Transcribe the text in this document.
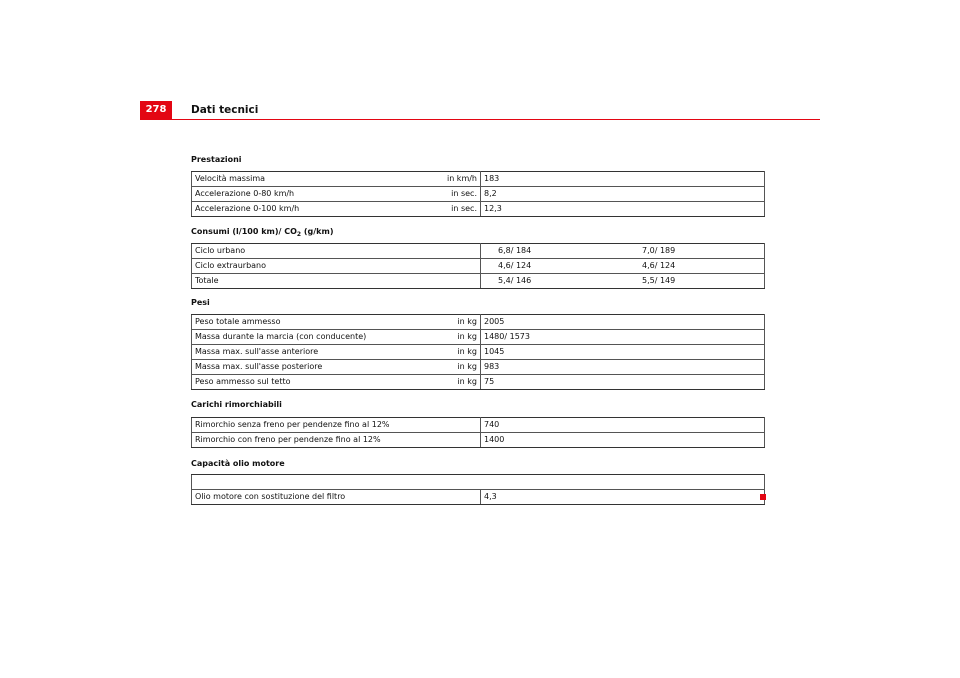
278	Dati tecnici
Prestazioni
Velocità massima in km/h	183
Accelerazione 0-80 km/h in sec.	8,2
Accelerazione 0-100 km/h in sec.	12,3
Consumi (l/100 km)/ $CO_2$ (g/km)
Ciclo urbano	6,8/ 184	7,0/ 189
Ciclo extraurbano	4,6/ 124	4,6/ 124
Totale	5,4/ 146	5,5/ 149
Pesi
Peso totale ammesso in kg	2005
Massa durante la marcia (con conducente) in kg	1480/ 1573
Massa max. sull'asse anteriore in kg	1045
Massa max. sull'asse posteriore in kg	983
Peso ammesso sul tetto in kg	75
Carichi rimorchiabili
Rimorchio senza freno per pendenze fino al 12%	740
Rimorchio con freno per pendenze fino al 12%	1400
Capacità olio motore

Olio motore con sostituzione del filtro	4,3
